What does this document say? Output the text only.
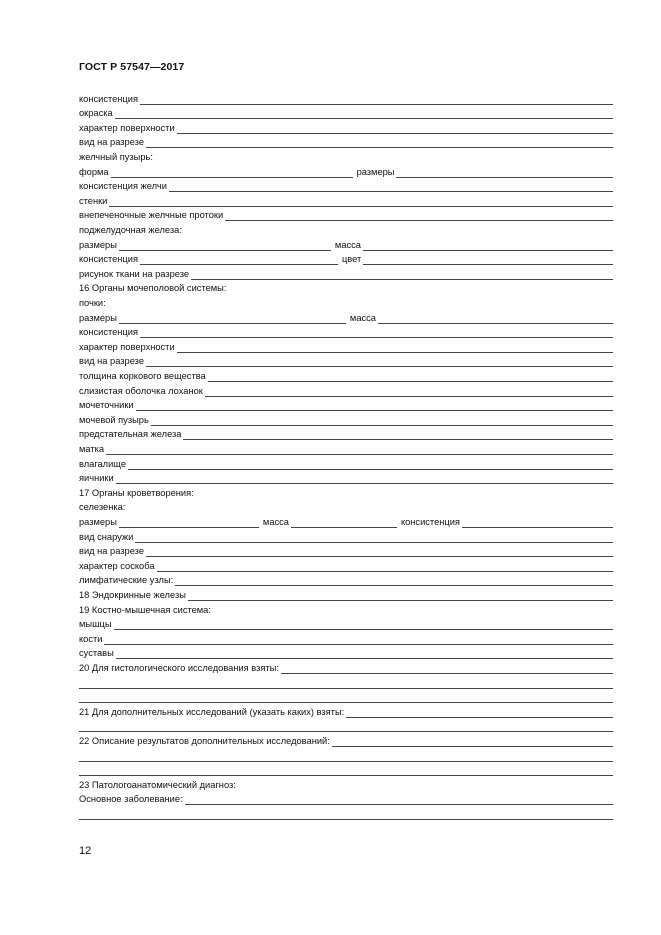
ГОСТ Р 57547—2017
консистенция
окраска
характер поверхности
вид на разрезе
желчный пузырь:
форма	размеры
консистенция желчи
стенки
внепеченочные желчные протоки
поджелудочная железа:
размеры	масса
консистенция	цвет
рисунок ткани на разрезе
16 Органы мочеполовой системы:
почки:
размеры	масса
консистенция
характер поверхности
вид на разрезе
толщина коркового вещества
слизистая оболочка лоханок
мочеточники
мочевой пузырь
предстательная железа
матка
влагалище
яичники
17 Органы кроветворения:
селезенка:
размеры	масса	консистенция
вид снаружи
вид на разрезе
характер соскоба
лимфатические узлы:
18 Эндокринные железы
19 Костно-мышечная система:
мышцы
кости
суставы
20 Для гистологического исследования взяты:
21 Для дополнительных исследований (указать каких) взяты:
22 Описание результатов дополнительных исследований:
23 Патологоанатомический диагноз:
Основное заболевание:
12
